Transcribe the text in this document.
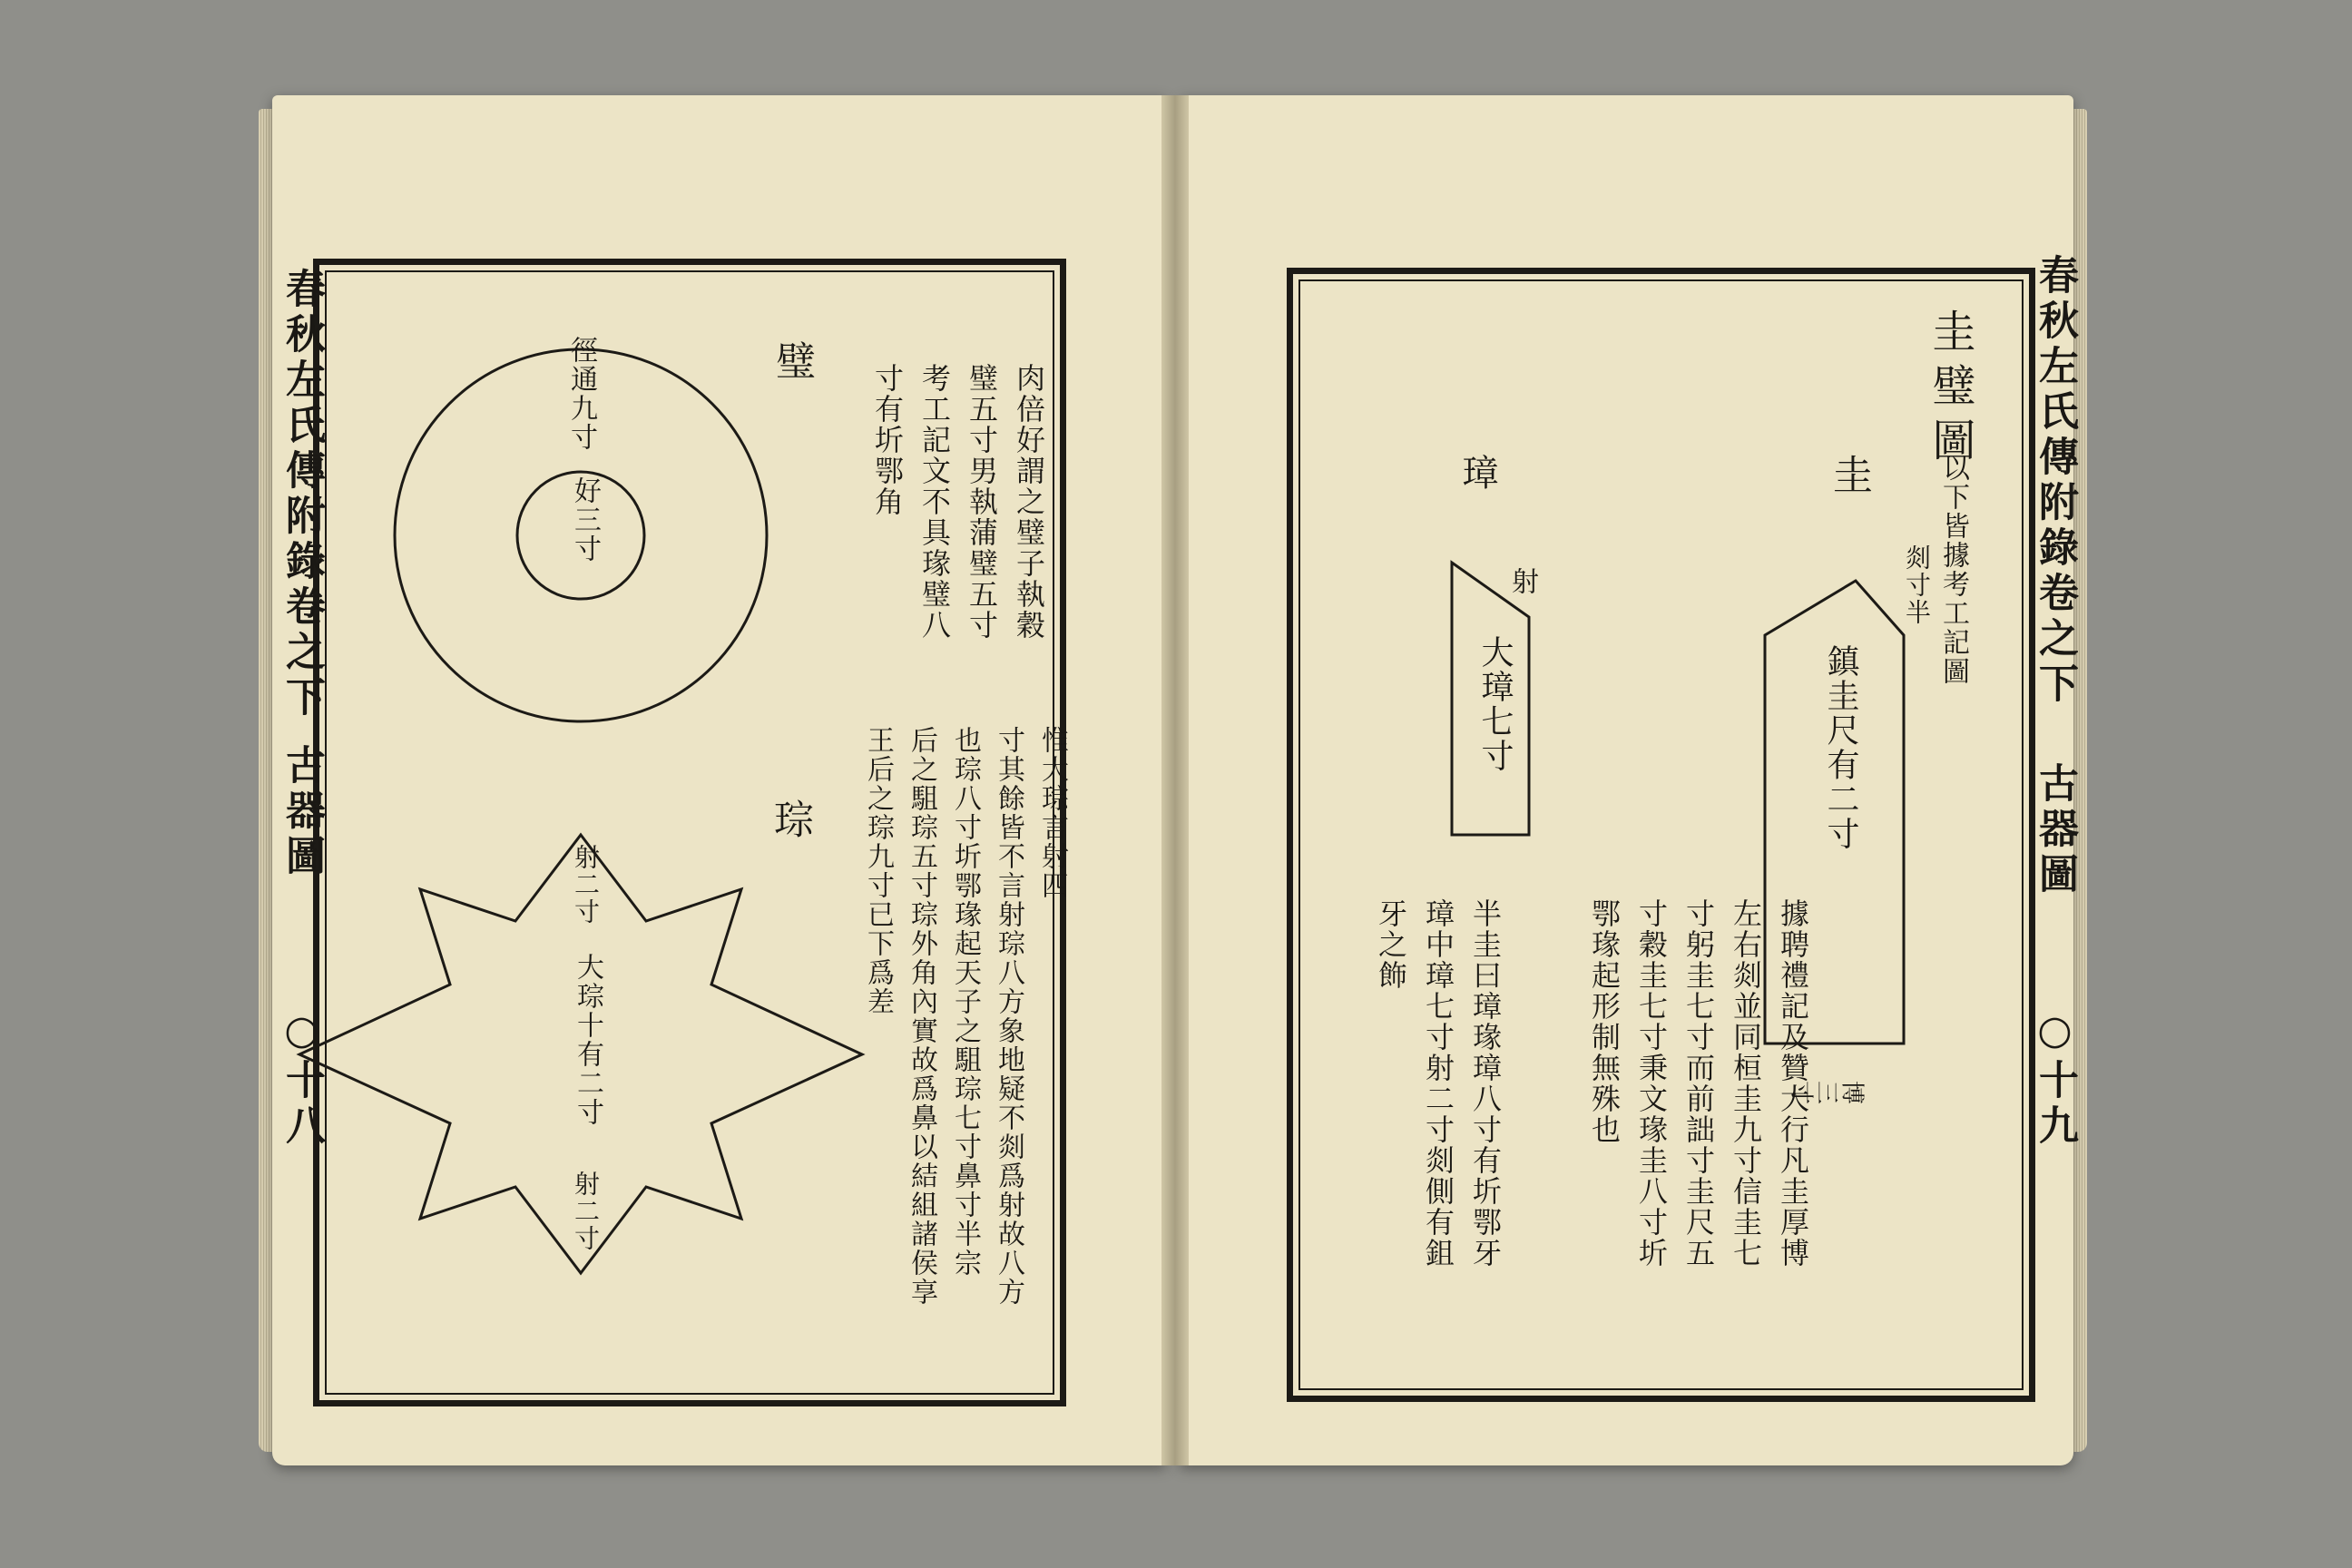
春秋左氏傳附錄卷之下
古器圖
○十八
徑通九寸
好三寸
璧
肉倍好謂之璧子執穀
璧五寸男執蒲璧五寸
考工記文不具瑑璧八
寸有圻鄂角
琮
射二寸
大琮十有二寸
射二寸
惟大琮言射四
寸其餘皆不言射琮八方象地疑不剡爲射故八方
也琮八寸圻鄂瑑起天子之駔琮七寸鼻寸半宗
后之駔琮五寸琮外角內實故爲鼻以結組諸侯享
王后之琮九寸已下爲差
春秋左氏傳附錄卷之下
古器圖
○十九
圭璧圖
以下皆據考工記圖
圭
剡寸半
鎮圭尺有二寸
博三寸
璋
射
大璋七寸
據聘禮記及贊大行凡圭厚博
左右剡並同桓圭九寸信圭七
寸躬圭七寸而前詘寸圭尺五
寸穀圭七寸秉文瑑圭八寸圻
鄂瑑起形制無殊也
半圭曰璋瑑璋八寸有圻鄂牙
璋中璋七寸射二寸剡側有鉏
牙之飾
